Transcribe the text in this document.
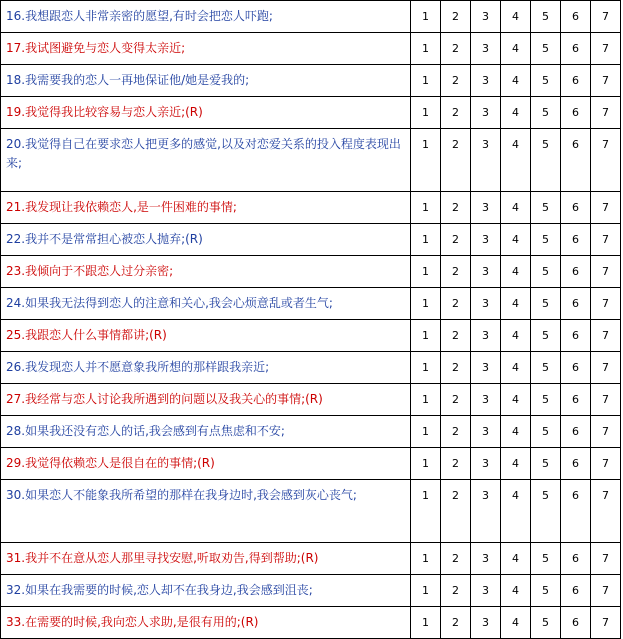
16.我想跟恋人非常亲密的愿望,有时会把恋人吓跑;	1	2	3	4	5	6	7
17.我试图避免与恋人变得太亲近;	1	2	3	4	5	6	7
18.我需要我的恋人一再地保证他/她是爱我的;	1	2	3	4	5	6	7
19.我觉得我比较容易与恋人亲近;(R)	1	2	3	4	5	6	7
20.我觉得自己在要求恋人把更多的感觉,以及对恋爱关系的投入程度表现出来;	1	2	3	4	5	6	7
21.我发现让我依赖恋人,是一件困难的事情;	1	2	3	4	5	6	7
22.我并不是常常担心被恋人抛弃;(R)	1	2	3	4	5	6	7
23.我倾向于不跟恋人过分亲密;	1	2	3	4	5	6	7
24.如果我无法得到恋人的注意和关心,我会心烦意乱或者生气;	1	2	3	4	5	6	7
25.我跟恋人什么事情都讲;(R)	1	2	3	4	5	6	7
26.我发现恋人并不愿意象我所想的那样跟我亲近;	1	2	3	4	5	6	7
27.我经常与恋人讨论我所遇到的问题以及我关心的事情;(R)	1	2	3	4	5	6	7
28.如果我还没有恋人的话,我会感到有点焦虑和不安;	1	2	3	4	5	6	7
29.我觉得依赖恋人是很自在的事情;(R)	1	2	3	4	5	6	7
30.如果恋人不能象我所希望的那样在我身边时,我会感到灰心丧气;	1	2	3	4	5	6	7
31.我并不在意从恋人那里寻找安慰,听取劝告,得到帮助;(R)	1	2	3	4	5	6	7
32.如果在我需要的时候,恋人却不在我身边,我会感到沮丧;	1	2	3	4	5	6	7
33.在需要的时候,我向恋人求助,是很有用的;(R)	1	2	3	4	5	6	7
